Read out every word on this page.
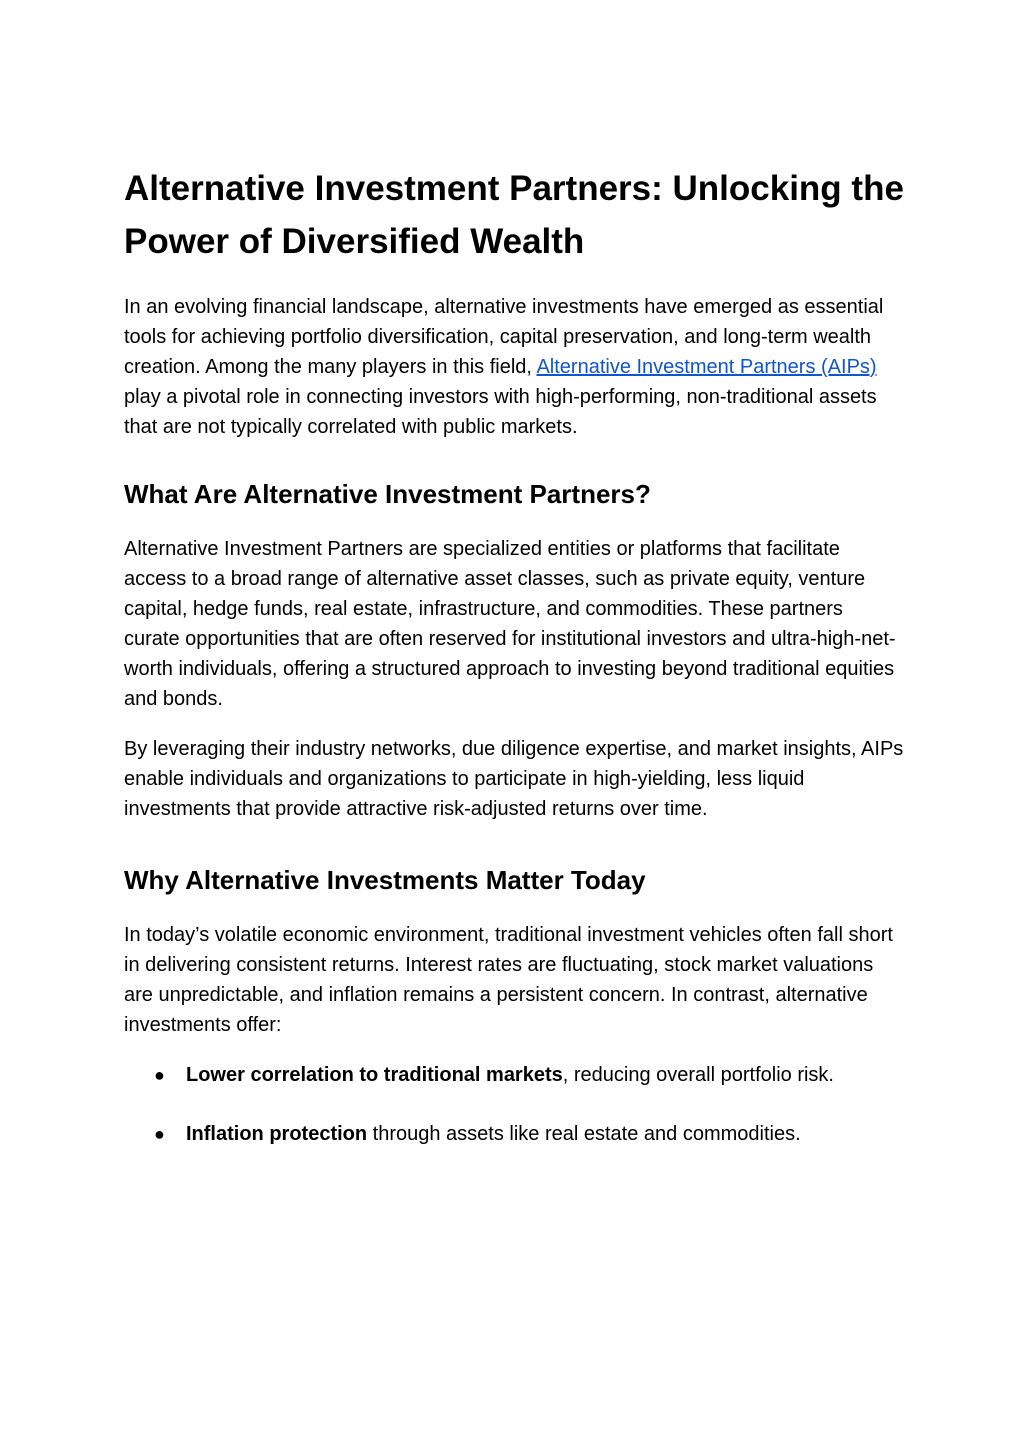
Alternative Investment Partners: Unlocking the Power of Diversified Wealth

In an evolving financial landscape, alternative investments have emerged as essential tools for achieving portfolio diversification, capital preservation, and long-term wealth creation. Among the many players in this field, Alternative Investment Partners (AIPs) play a pivotal role in connecting investors with high-performing, non-traditional assets that are not typically correlated with public markets.

What Are Alternative Investment Partners?

Alternative Investment Partners are specialized entities or platforms that facilitate access to a broad range of alternative asset classes, such as private equity, venture capital, hedge funds, real estate, infrastructure, and commodities. These partners curate opportunities that are often reserved for institutional investors and ultra-high-net-worth individuals, offering a structured approach to investing beyond traditional equities and bonds.

By leveraging their industry networks, due diligence expertise, and market insights, AIPs enable individuals and organizations to participate in high-yielding, less liquid investments that provide attractive risk-adjusted returns over time.

Why Alternative Investments Matter Today

In today’s volatile economic environment, traditional investment vehicles often fall short in delivering consistent returns. Interest rates are fluctuating, stock market valuations are unpredictable, and inflation remains a persistent concern. In contrast, alternative investments offer:

● Lower correlation to traditional markets, reducing overall portfolio risk.
● Inflation protection through assets like real estate and commodities.
